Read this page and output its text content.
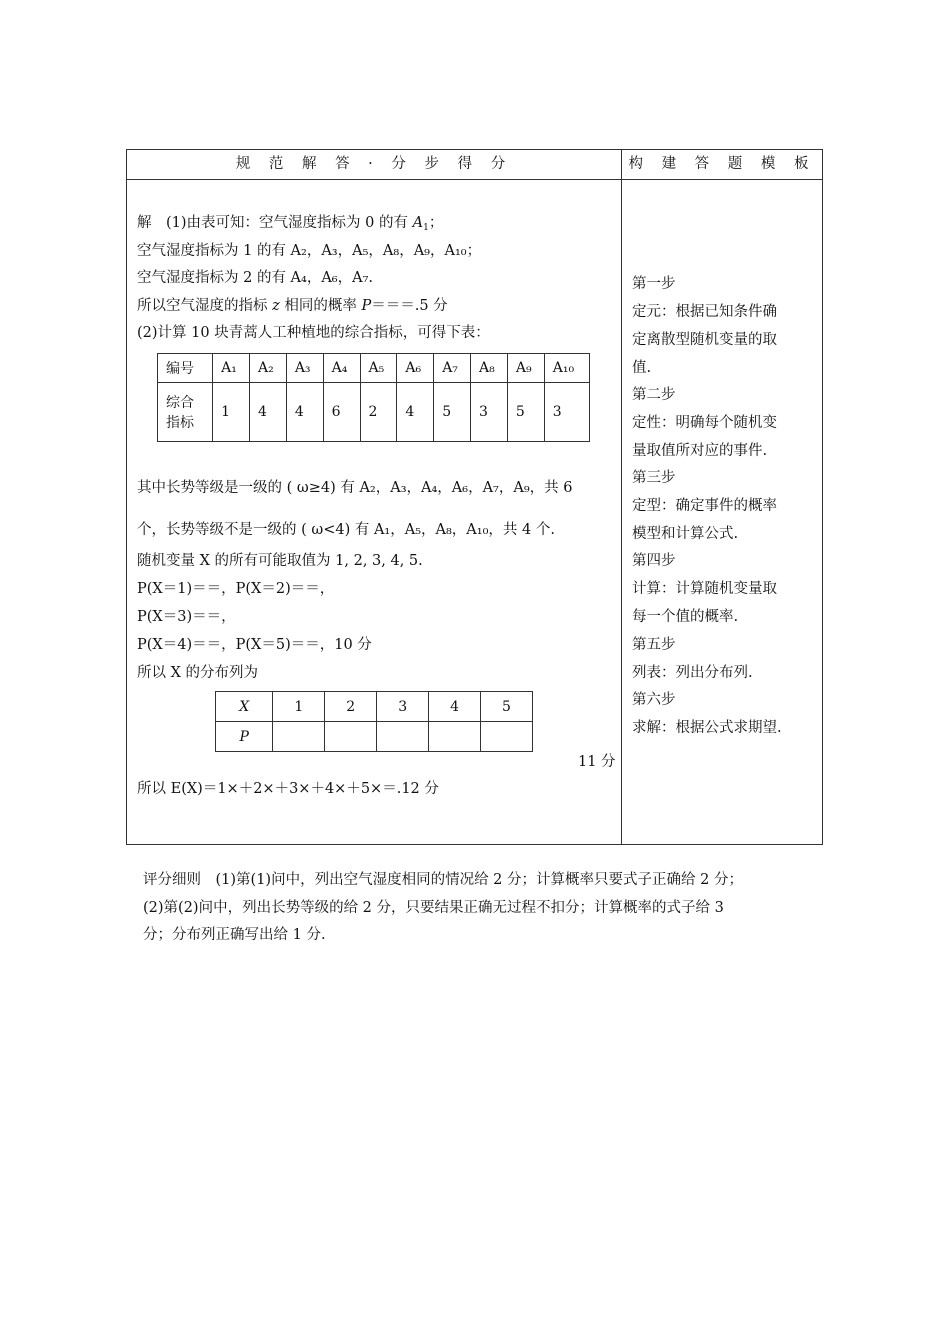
规 范 解 答 · 分 步 得 分	构 建 答 题 模 板
解　(1)由表可知：空气湿度指标为 0 的有 $A_1$；
空气湿度指标为 1 的有 A₂，A₃，A₅，A₈，A₉，A₁₀；
空气湿度指标为 2 的有 A₄，A₆，A₇.
所以空气湿度的指标 z 相同的概率 P＝＝＝.5 分
(2)计算 10 块青蒿人工种植地的综合指标，可得下表：
编号	A₁	A₂	A₃	A₄	A₅	A₆	A₇	A₈	A₉	A₁₀
综合
指标	1	4	4	6	2	4	5	3	5	3
其中长势等级是一级的 ( ω≥4) 有 A₂，A₃，A₄，A₆，A₇，A₉，共 6
个，长势等级不是一级的 ( ω<4) 有 A₁，A₅，A₈，A₁₀，共 4 个.
随机变量 X 的所有可能取值为 1, 2, 3, 4, 5.
P(X＝1)＝＝，P(X＝2)＝＝，
P(X＝3)＝＝，
P(X＝4)＝＝，P(X＝5)＝＝，10 分
所以 X 的分布列为
X	1	2	3	4	5
P					
11 分
所以 E(X)＝1×＋2×＋3×＋4×＋5×＝.12 分
第一步
定元：根据已知条件确
定离散型随机变量的取
值.
第二步
定性：明确每个随机变
量取值所对应的事件.
第三步
定型：确定事件的概率
模型和计算公式.
第四步
计算：计算随机变量取
每一个值的概率.
第五步
列表：列出分布列.
第六步
求解：根据公式求期望.
评分细则　(1)第(1)问中，列出空气湿度相同的情况给 2 分；计算概率只要式子正确给 2 分；
(2)第(2)问中，列出长势等级的给 2 分，只要结果正确无过程不扣分；计算概率的式子给 3
分；分布列正确写出给 1 分.
